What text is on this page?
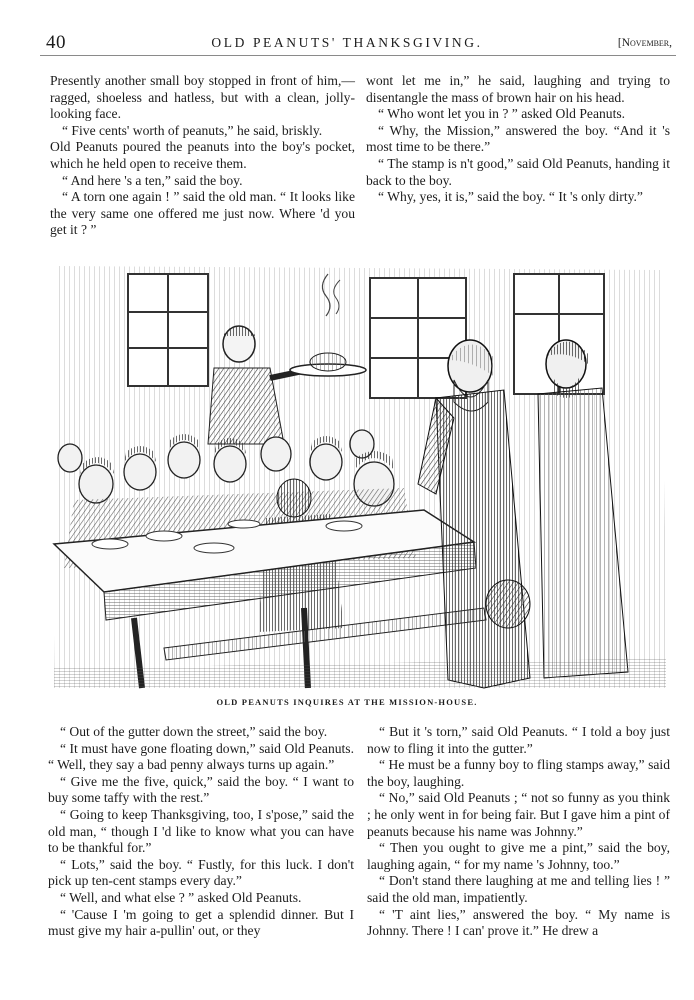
40	OLD PEANUTS' THANKSGIVING.	[November,

Presently another small boy stopped in front of him,—ragged, shoeless and hatless, but with a clean, jolly-looking face.

“ Five cents' worth of peanuts,” he said, briskly.

Old Peanuts poured the peanuts into the boy's pocket, which he held open to receive them.

“ And here 's a ten,” said the boy.

“ A torn one again ! ” said the old man. “ It looks like the very same one offered me just now. Where 'd you get it ? ”

wont let me in,” he said, laughing and trying to disentangle the mass of brown hair on his head.

“ Who wont let you in ? ” asked Old Peanuts.

“ Why, the Mission,” answered the boy. “And it 's most time to be there.”

“ The stamp is n't good,” said Old Peanuts, handing it back to the boy.

“ Why, yes, it is,” said the boy. “ It 's only dirty.”

OLD PEANUTS INQUIRES AT THE MISSION-HOUSE.

“ Out of the gutter down the street,” said the boy.

“ It must have gone floating down,” said Old Peanuts. “ Well, they say a bad penny always turns up again.”

“ Give me the five, quick,” said the boy. “ I want to buy some taffy with the rest.”

“ Going to keep Thanksgiving, too, I s'pose,” said the old man, “ though I 'd like to know what you can have to be thankful for.”

“ Lots,” said the boy. “ Fustly, for this luck. I don't pick up ten-cent stamps every day.”

“ Well, and what else ? ” asked Old Peanuts.

“ 'Cause I 'm going to get a splendid dinner. But I must give my hair a-pullin' out, or they

“ But it 's torn,” said Old Peanuts. “ I told a boy just now to fling it into the gutter.”

“ He must be a funny boy to fling stamps away,” said the boy, laughing.

“ No,” said Old Peanuts ; “ not so funny as you think ; he only went in for being fair. But I gave him a pint of peanuts because his name was Johnny.”

“ Then you ought to give me a pint,” said the boy, laughing again, “ for my name 's Johnny, too.”

“ Don't stand there laughing at me and telling lies ! ” said the old man, impatiently.

“ 'T aint lies,” answered the boy. “ My name is Johnny. There ! I can' prove it.” He drew a
